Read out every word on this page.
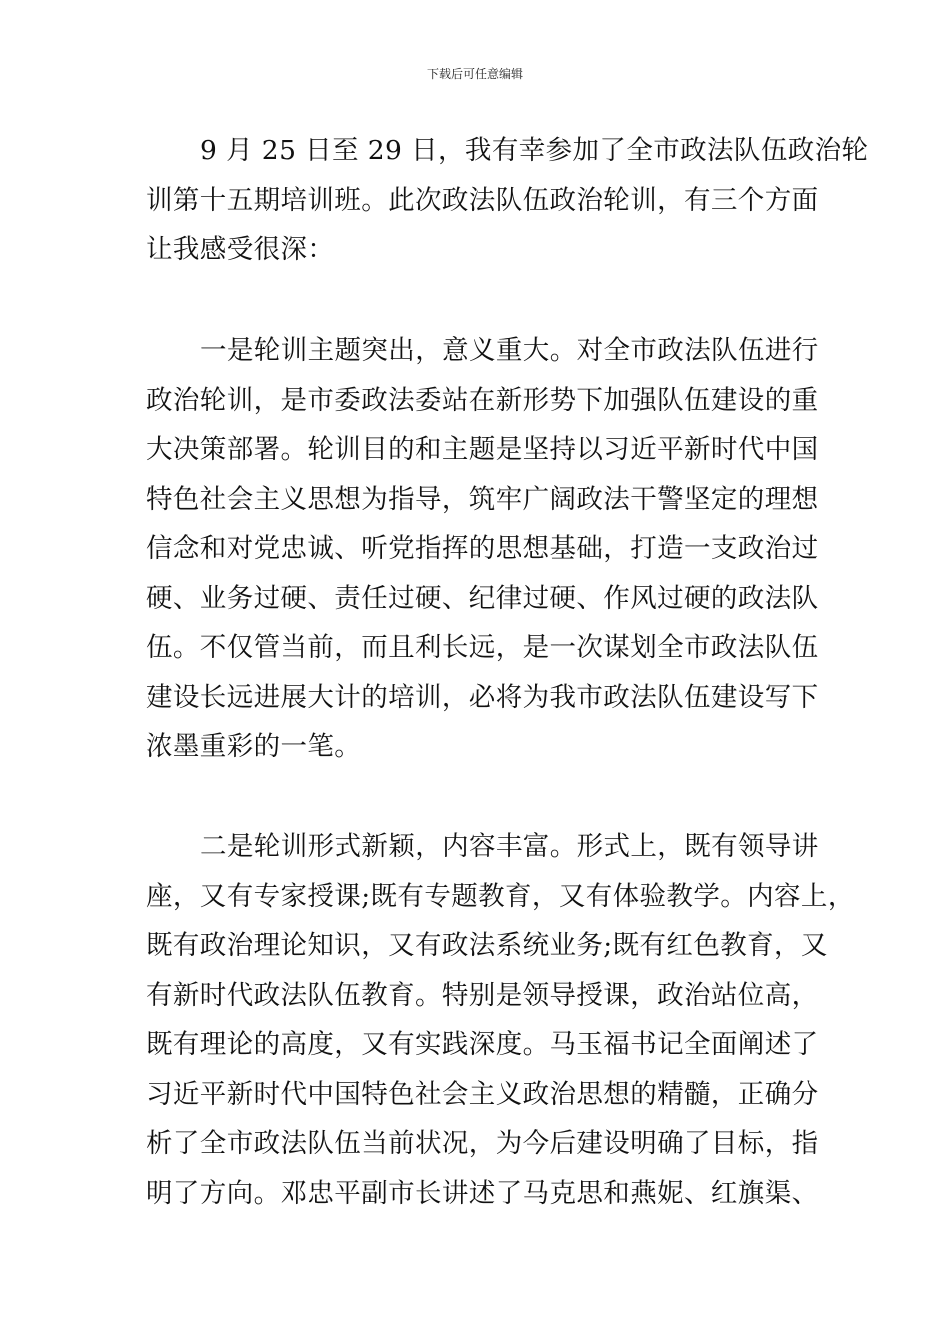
下载后可任意编辑
9 月 25 日至 29 日，我有幸参加了全市政法队伍政治轮
训第十五期培训班。此次政法队伍政治轮训，有三个方面
让我感受很深：
一是轮训主题突出，意义重大。对全市政法队伍进行
政治轮训，是市委政法委站在新形势下加强队伍建设的重
大决策部署。轮训目的和主题是坚持以习近平新时代中国
特色社会主义思想为指导，筑牢广阔政法干警坚定的理想
信念和对党忠诚、听党指挥的思想基础，打造一支政治过
硬、业务过硬、责任过硬、纪律过硬、作风过硬的政法队
伍。不仅管当前，而且利长远，是一次谋划全市政法队伍
建设长远进展大计的培训，必将为我市政法队伍建设写下
浓墨重彩的一笔。
二是轮训形式新颖，内容丰富。形式上，既有领导讲
座，又有专家授课;既有专题教育，又有体验教学。内容上，
既有政治理论知识，又有政法系统业务;既有红色教育，又
有新时代政法队伍教育。特别是领导授课，政治站位高，
既有理论的高度，又有实践深度。马玉福书记全面阐述了
习近平新时代中国特色社会主义政治思想的精髓，正确分
析了全市政法队伍当前状况，为今后建设明确了目标，指
明了方向。邓忠平副市长讲述了马克思和燕妮、红旗渠、
